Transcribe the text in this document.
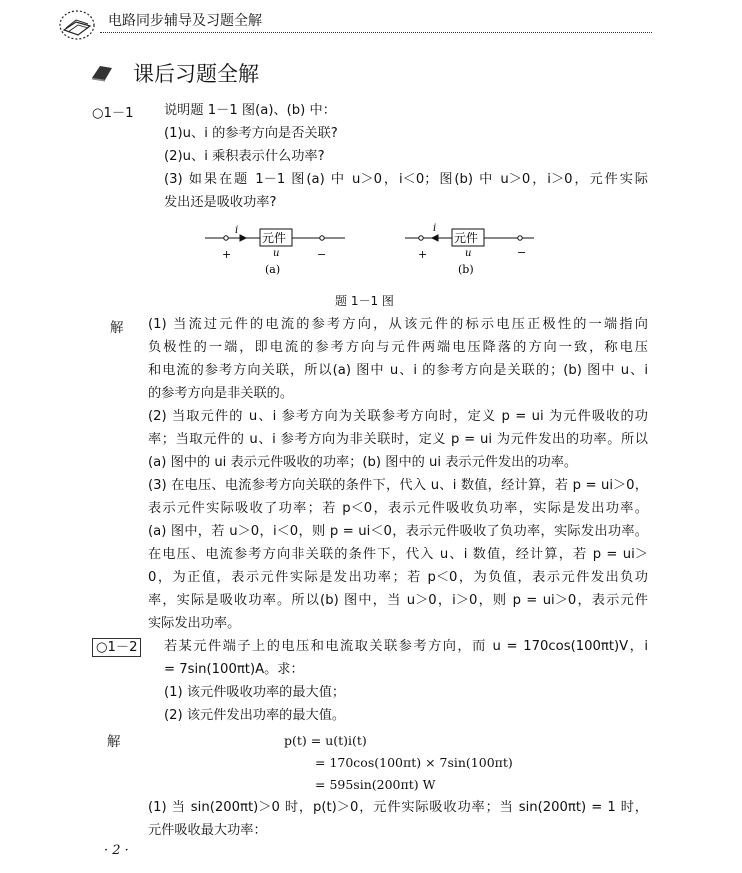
电路同步辅导及习题全解
课后习题全解
○1－1 说明题 1－1 图(a)、(b) 中：
(1)u、i 的参考方向是否关联?
(2)u、i 乘积表示什么功率?
(3) 如果在题 1－1 图(a) 中 u＞0，i＜0；图(b) 中 u＞0，i＞0，元件实际
发出还是吸收功率?
元件
i
u
+	−
(a)
元件
i
u
+	−
(b)
题 1－1 图
解 (1) 当流过元件的电流的参考方向，从该元件的标示电压正极性的一端指向
负极性的一端，即电流的参考方向与元件两端电压降落的方向一致，称电压
和电流的参考方向关联，所以(a) 图中 u、i 的参考方向是关联的；(b) 图中 u、i
的参考方向是非关联的。
(2) 当取元件的 u、i 参考方向为关联参考方向时，定义 p = ui 为元件吸收的功
率；当取元件的 u、i 参考方向为非关联时，定义 p = ui 为元件发出的功率。所以
(a) 图中的 ui 表示元件吸收的功率；(b) 图中的 ui 表示元件发出的功率。
(3) 在电压、电流参考方向关联的条件下，代入 u、i 数值，经计算，若 p = ui＞0，
表示元件实际吸收了功率；若 p＜0，表示元件吸收负功率，实际是发出功率。
(a) 图中，若 u＞0，i＜0，则 p = ui＜0，表示元件吸收了负功率，实际发出功率。
在电压、电流参考方向非关联的条件下，代入 u、i 数值，经计算，若 p = ui＞
0，为正值，表示元件实际是发出功率；若 p＜0，为负值，表示元件发出负功
率，实际是吸收功率。所以(b) 图中，当 u＞0，i＞0，则 p = ui＞0，表示元件
实际发出功率。
○1－2	若某元件端子上的电压和电流取关联参考方向，而 u = 170cos(100πt)V，i
= 7sin(100πt)A。求：
(1) 该元件吸收功率的最大值；
(2) 该元件发出功率的最大值。
解	p(t) = u(t)i(t)
= 170cos(100πt) × 7sin(100πt)
= 595sin(200πt) W
(1) 当 sin(200πt)＞0 时，p(t)＞0，元件实际吸收功率；当 sin(200πt) = 1 时，
元件吸收最大功率：
· 2 ·
